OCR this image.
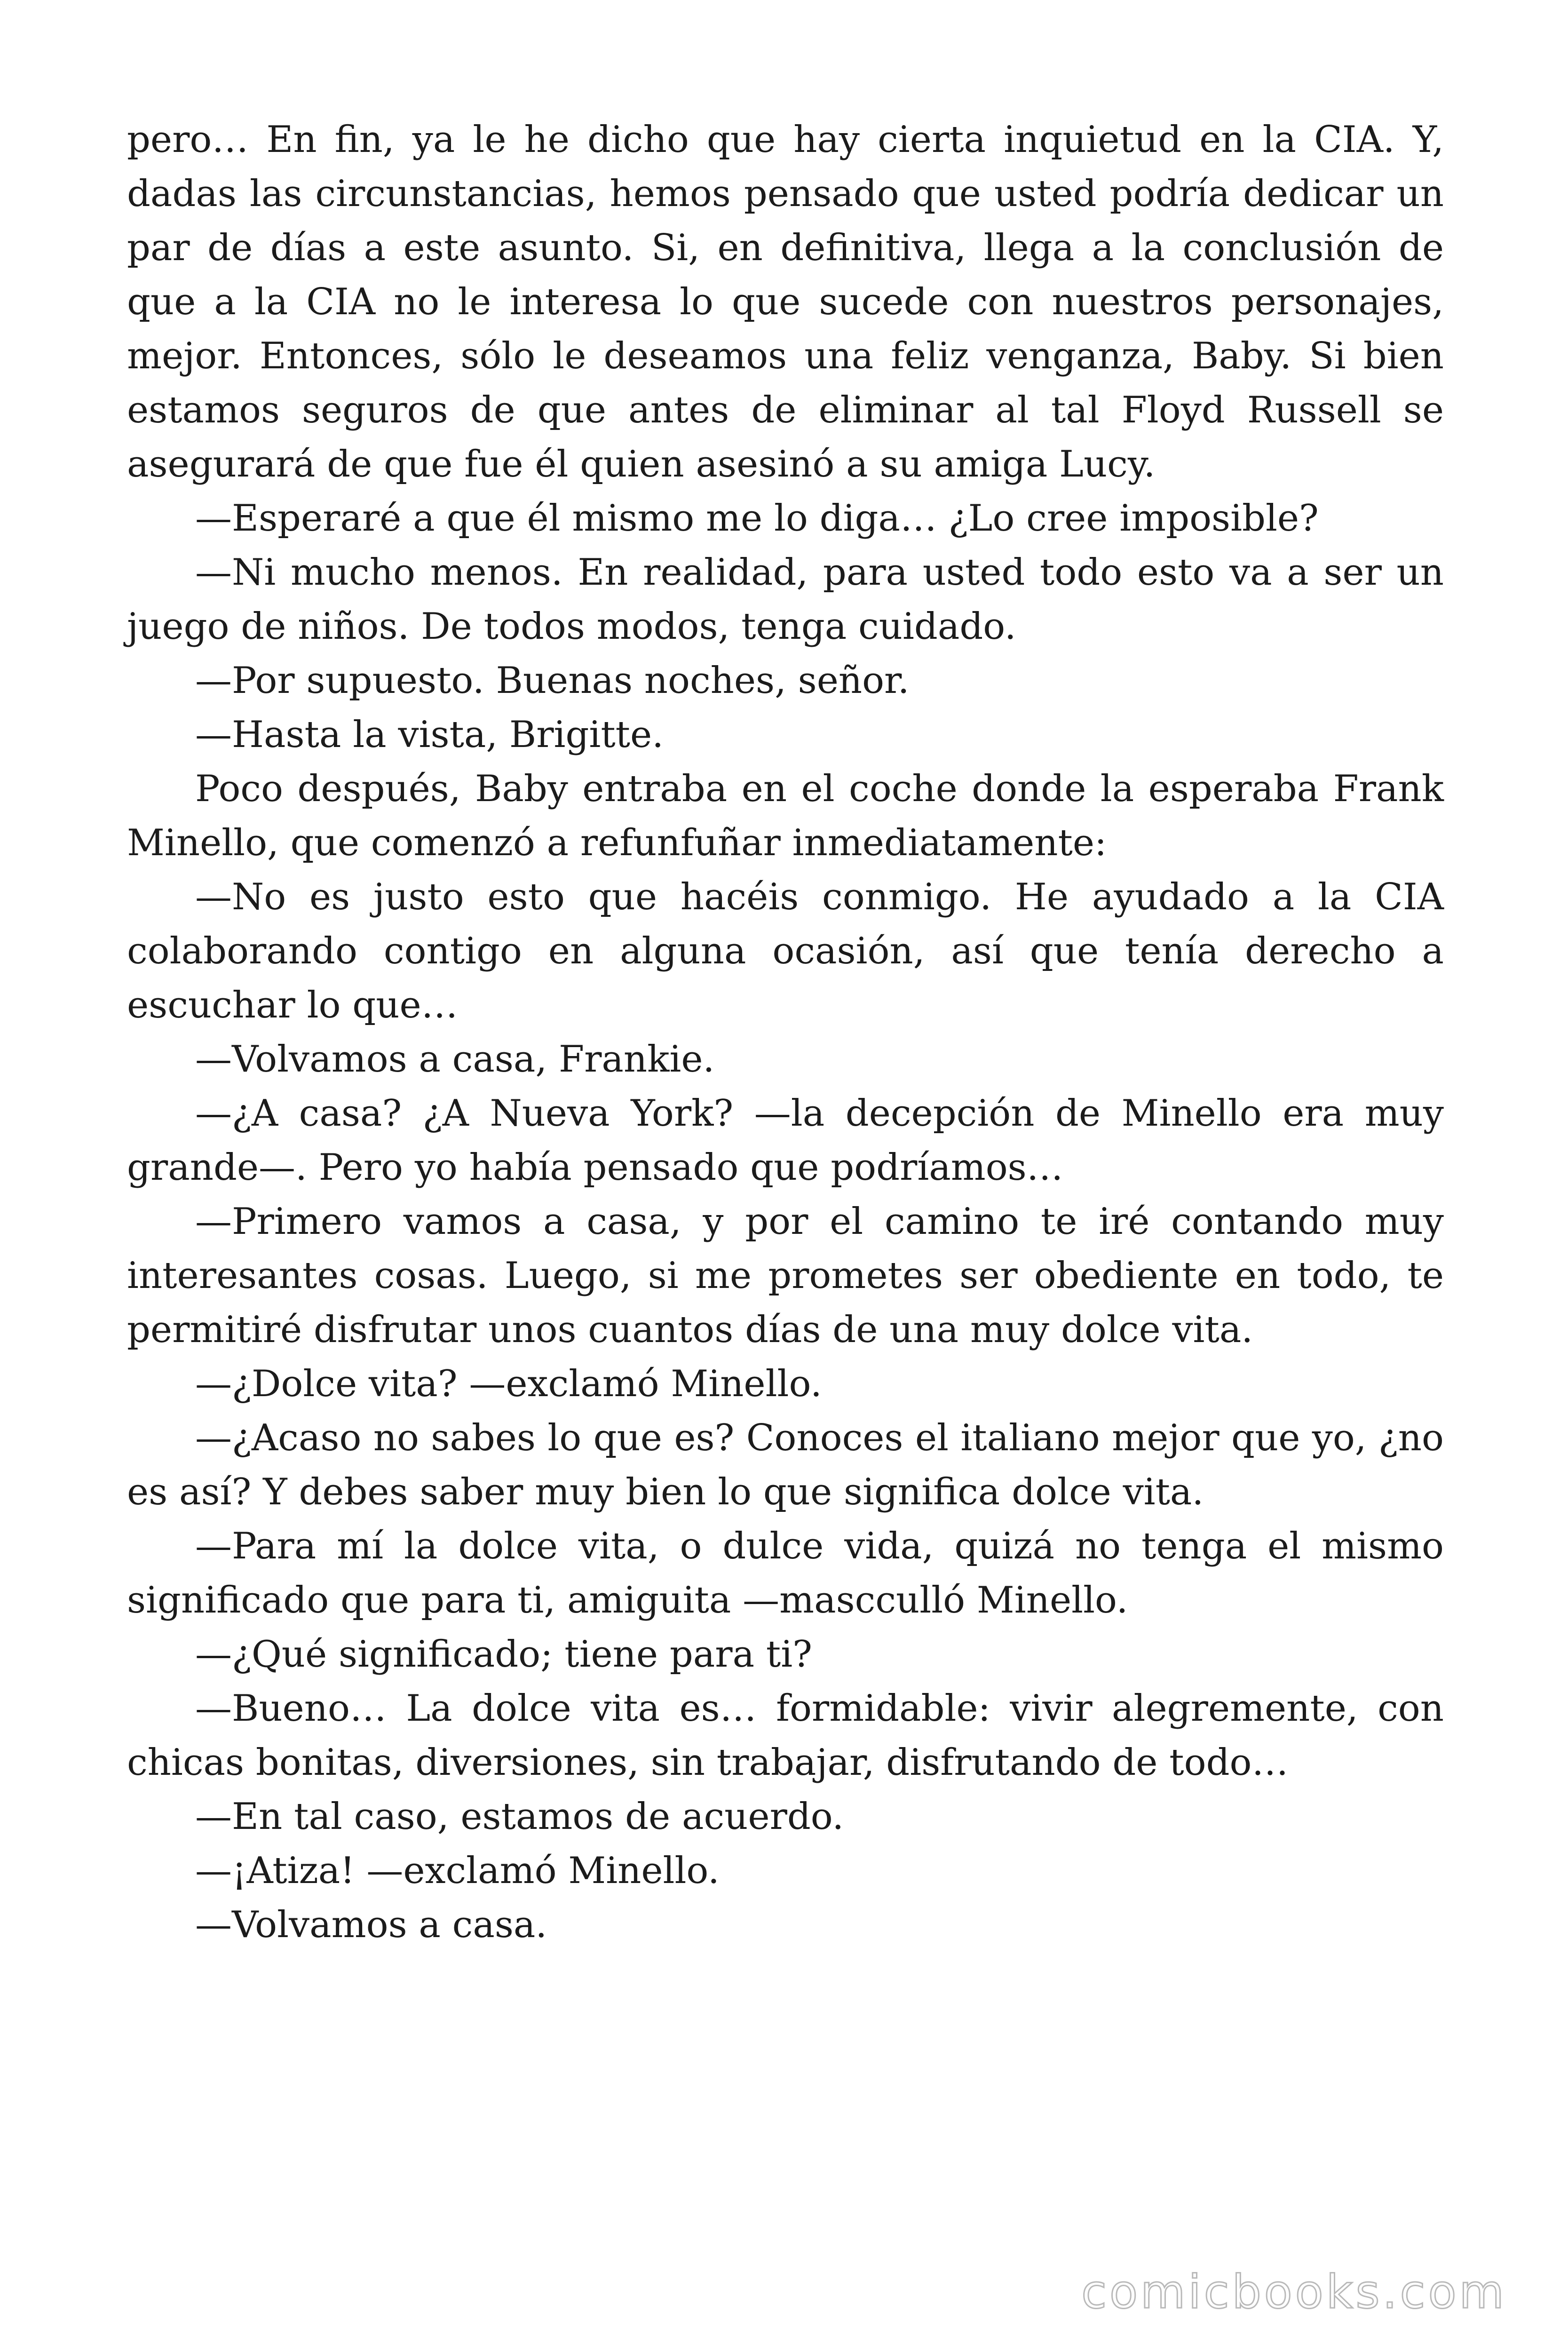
pero… En fin, ya le he dicho que hay cierta inquietud en la CIA. Y, dadas las circunstancias, hemos pensado que usted podría dedicar un par de días a este asunto. Si, en definitiva, llega a la conclusión de que a la CIA no le interesa lo que sucede con nuestros personajes, mejor. Entonces, sólo le deseamos una feliz venganza, Baby. Si bien estamos seguros de que antes de eliminar al tal Floyd Russell se asegurará de que fue él quien asesinó a su amiga Lucy.

—Esperaré a que él mismo me lo diga… ¿Lo cree imposible?

—Ni mucho menos. En realidad, para usted todo esto va a ser un juego de niños. De todos modos, tenga cuidado.

—Por supuesto. Buenas noches, señor.

—Hasta la vista, Brigitte.

Poco después, Baby entraba en el coche donde la esperaba Frank Minello, que comenzó a refunfuñar inmediatamente:

—No es justo esto que hacéis conmigo. He ayudado a la CIA colaborando contigo en alguna ocasión, así que tenía derecho a escuchar lo que…

—Volvamos a casa, Frankie.

—¿A casa? ¿A Nueva York? —la decepción de Minello era muy grande—. Pero yo había pensado que podríamos…

—Primero vamos a casa, y por el camino te iré contando muy interesantes cosas. Luego, si me prometes ser obediente en todo, te permitiré disfrutar unos cuantos días de una muy dolce vita.

—¿Dolce vita? —exclamó Minello.

—¿Acaso no sabes lo que es? Conoces el italiano mejor que yo, ¿no es así? Y debes saber muy bien lo que significa dolce vita.

—Para mí la dolce vita, o dulce vida, quizá no tenga el mismo significado que para ti, amiguita —mascculló Minello.

—¿Qué significado; tiene para ti?

—Bueno… La dolce vita es… formidable: vivir alegremente, con chicas bonitas, diversiones, sin trabajar, disfrutando de todo…

—En tal caso, estamos de acuerdo.

—¡Atiza! —exclamó Minello.

—Volvamos a casa.

comicbooks.com
